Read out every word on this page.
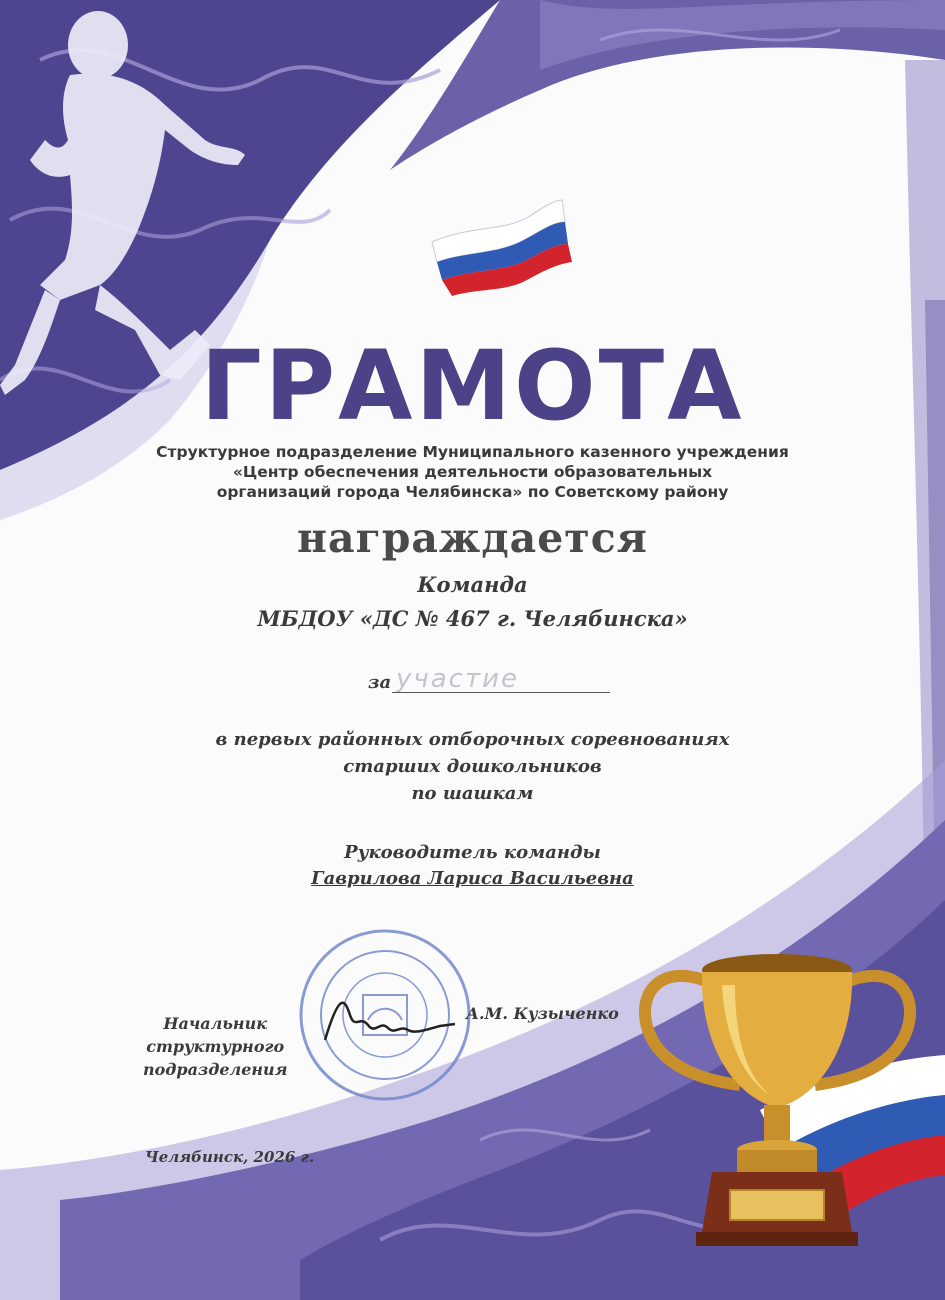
ГРАМОТА
Структурное подразделение Муниципального казенного учреждения
«Центр обеспечения деятельности образовательных
организаций города Челябинска» по Советскому району
награждается
Команда
МБДОУ «ДС № 467 г. Челябинска»
за участие
в первых районных отборочных соревнованиях
старших дошкольников
по шашкам
Руководитель команды
Гаврилова Лариса Васильевна
Начальник
структурного
подразделения
А.М. Кузыченко
Челябинск, 2026 г.
